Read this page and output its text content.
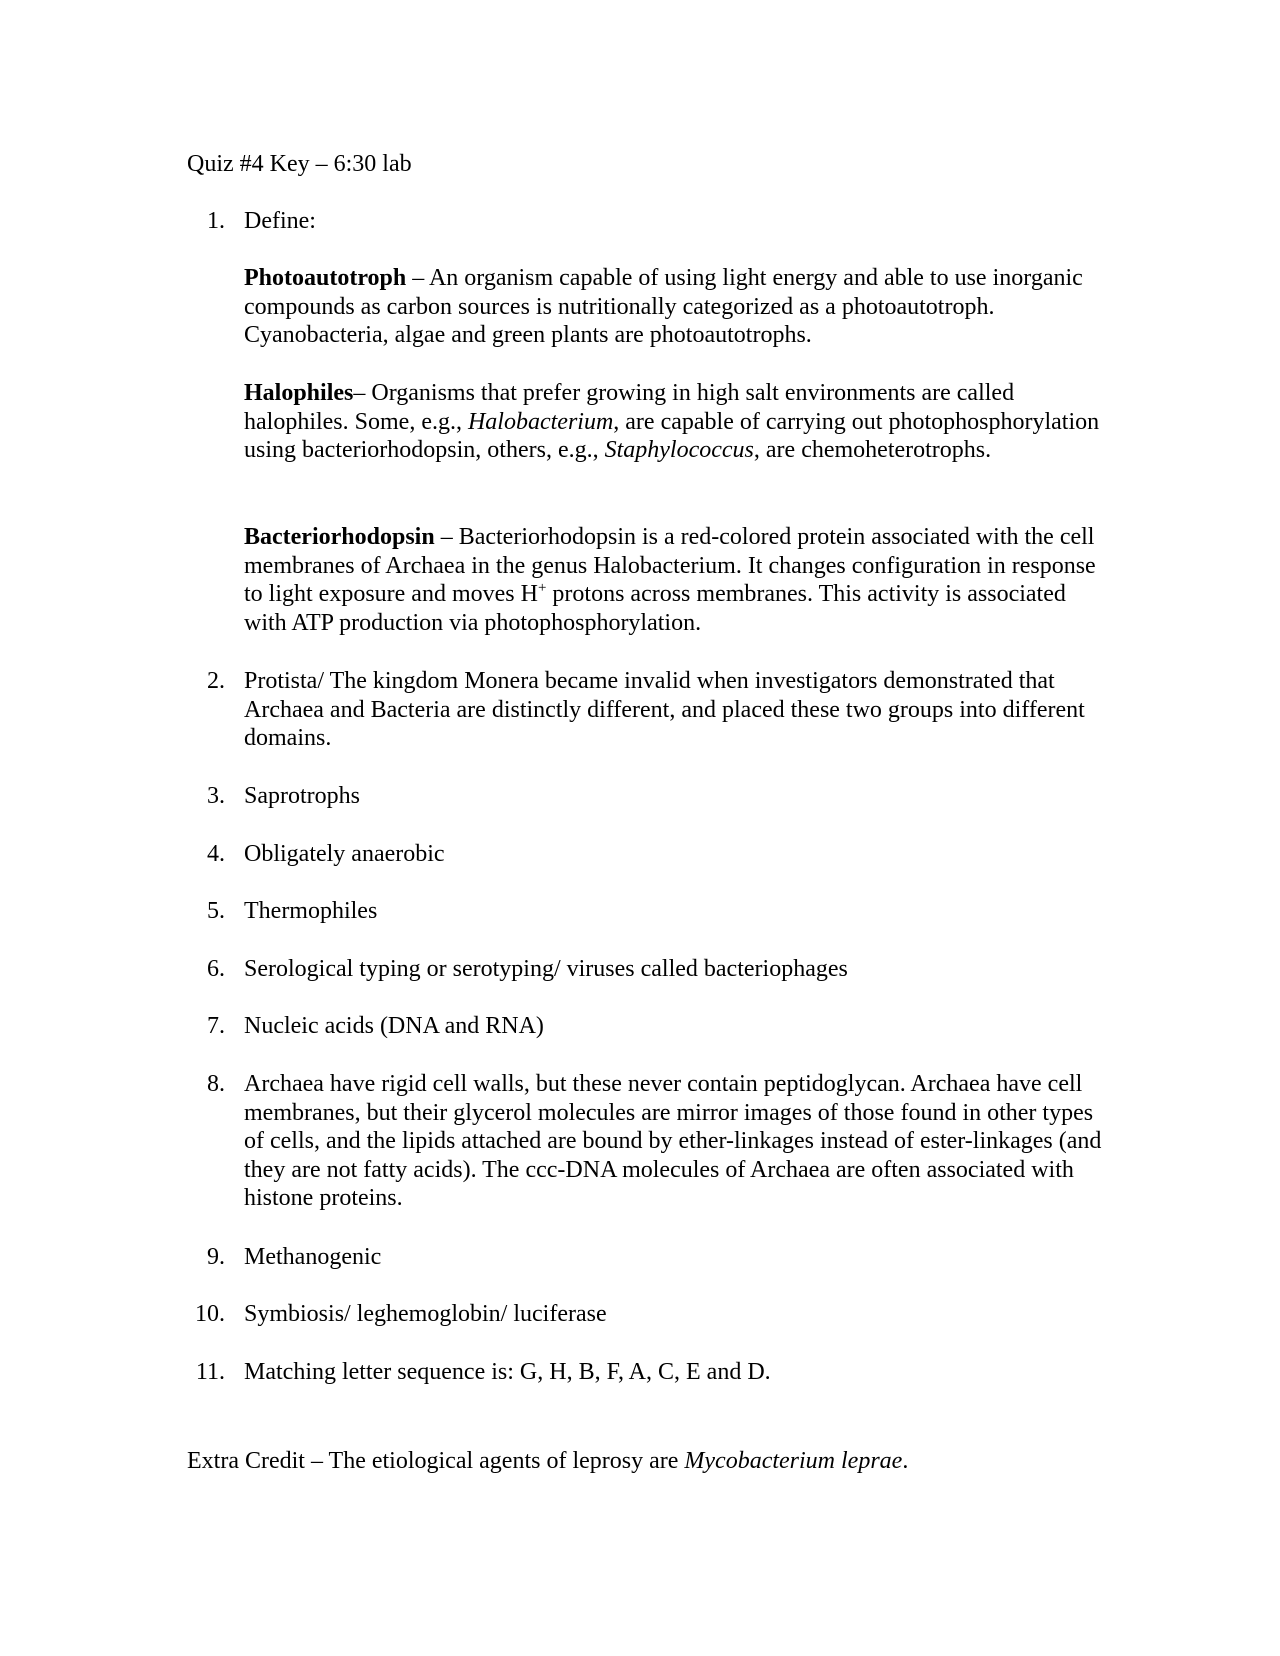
Quiz #4 Key – 6:30 lab
1. Define:
Photoautotroph – An organism capable of using light energy and able to use inorganic compounds as carbon sources is nutritionally categorized as a photoautotroph. Cyanobacteria, algae and green plants are photoautotrophs.
Halophiles– Organisms that prefer growing in high salt environments are called halophiles. Some, e.g., Halobacterium, are capable of carrying out photophosphorylation using bacteriorhodopsin, others, e.g., Staphylococcus, are chemoheterotrophs.
Bacteriorhodopsin – Bacteriorhodopsin is a red-colored protein associated with the cell membranes of Archaea in the genus Halobacterium. It changes configuration in response to light exposure and moves H+ protons across membranes. This activity is associated with ATP production via photophosphorylation.
2. Protista/ The kingdom Monera became invalid when investigators demonstrated that Archaea and Bacteria are distinctly different, and placed these two groups into different domains.
3. Saprotrophs
4. Obligately anaerobic
5. Thermophiles
6. Serological typing or serotyping/ viruses called bacteriophages
7. Nucleic acids (DNA and RNA)
8. Archaea have rigid cell walls, but these never contain peptidoglycan. Archaea have cell membranes, but their glycerol molecules are mirror images of those found in other types of cells, and the lipids attached are bound by ether-linkages instead of ester-linkages (and they are not fatty acids). The ccc-DNA molecules of Archaea are often associated with histone proteins.
9. Methanogenic
10. Symbiosis/ leghemoglobin/ luciferase
11. Matching letter sequence is: G, H, B, F, A, C, E and D.
Extra Credit – The etiological agents of leprosy are Mycobacterium leprae.
